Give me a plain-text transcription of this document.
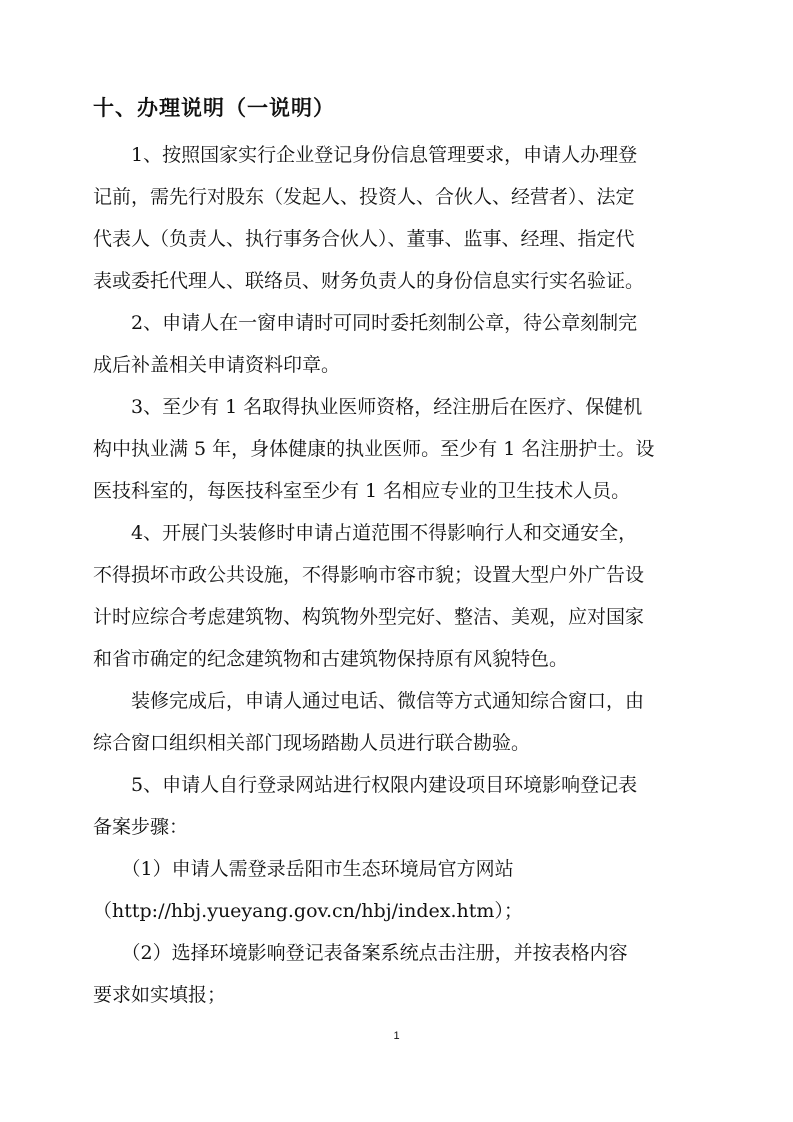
十、办理说明（一说明）
　　1、按照国家实行企业登记身份信息管理要求，申请人办理登
记前，需先行对股东（发起人、投资人、合伙人、经营者）、法定
代表人（负责人、执行事务合伙人）、董事、监事、经理、指定代
表或委托代理人、联络员、财务负责人的身份信息实行实名验证。
　　2、申请人在一窗申请时可同时委托刻制公章，待公章刻制完
成后补盖相关申请资料印章。
　　3、至少有 1 名取得执业医师资格，经注册后在医疗、保健机
构中执业满 5 年，身体健康的执业医师。至少有 1 名注册护士。设
医技科室的，每医技科室至少有 1 名相应专业的卫生技术人员。
　　4、开展门头装修时申请占道范围不得影响行人和交通安全，
不得损坏市政公共设施，不得影响市容市貌；设置大型户外广告设
计时应综合考虑建筑物、构筑物外型完好、整洁、美观，应对国家
和省市确定的纪念建筑物和古建筑物保持原有风貌特色。
　　装修完成后，申请人通过电话、微信等方式通知综合窗口，由
综合窗口组织相关部门现场踏勘人员进行联合勘验。
　　5、申请人自行登录网站进行权限内建设项目环境影响登记表
备案步骤：
　　（1）申请人需登录岳阳市生态环境局官方网站
（http://hbj.yueyang.gov.cn/hbj/index.htm）；
　　（2）选择环境影响登记表备案系统点击注册，并按表格内容
要求如实填报；
1
